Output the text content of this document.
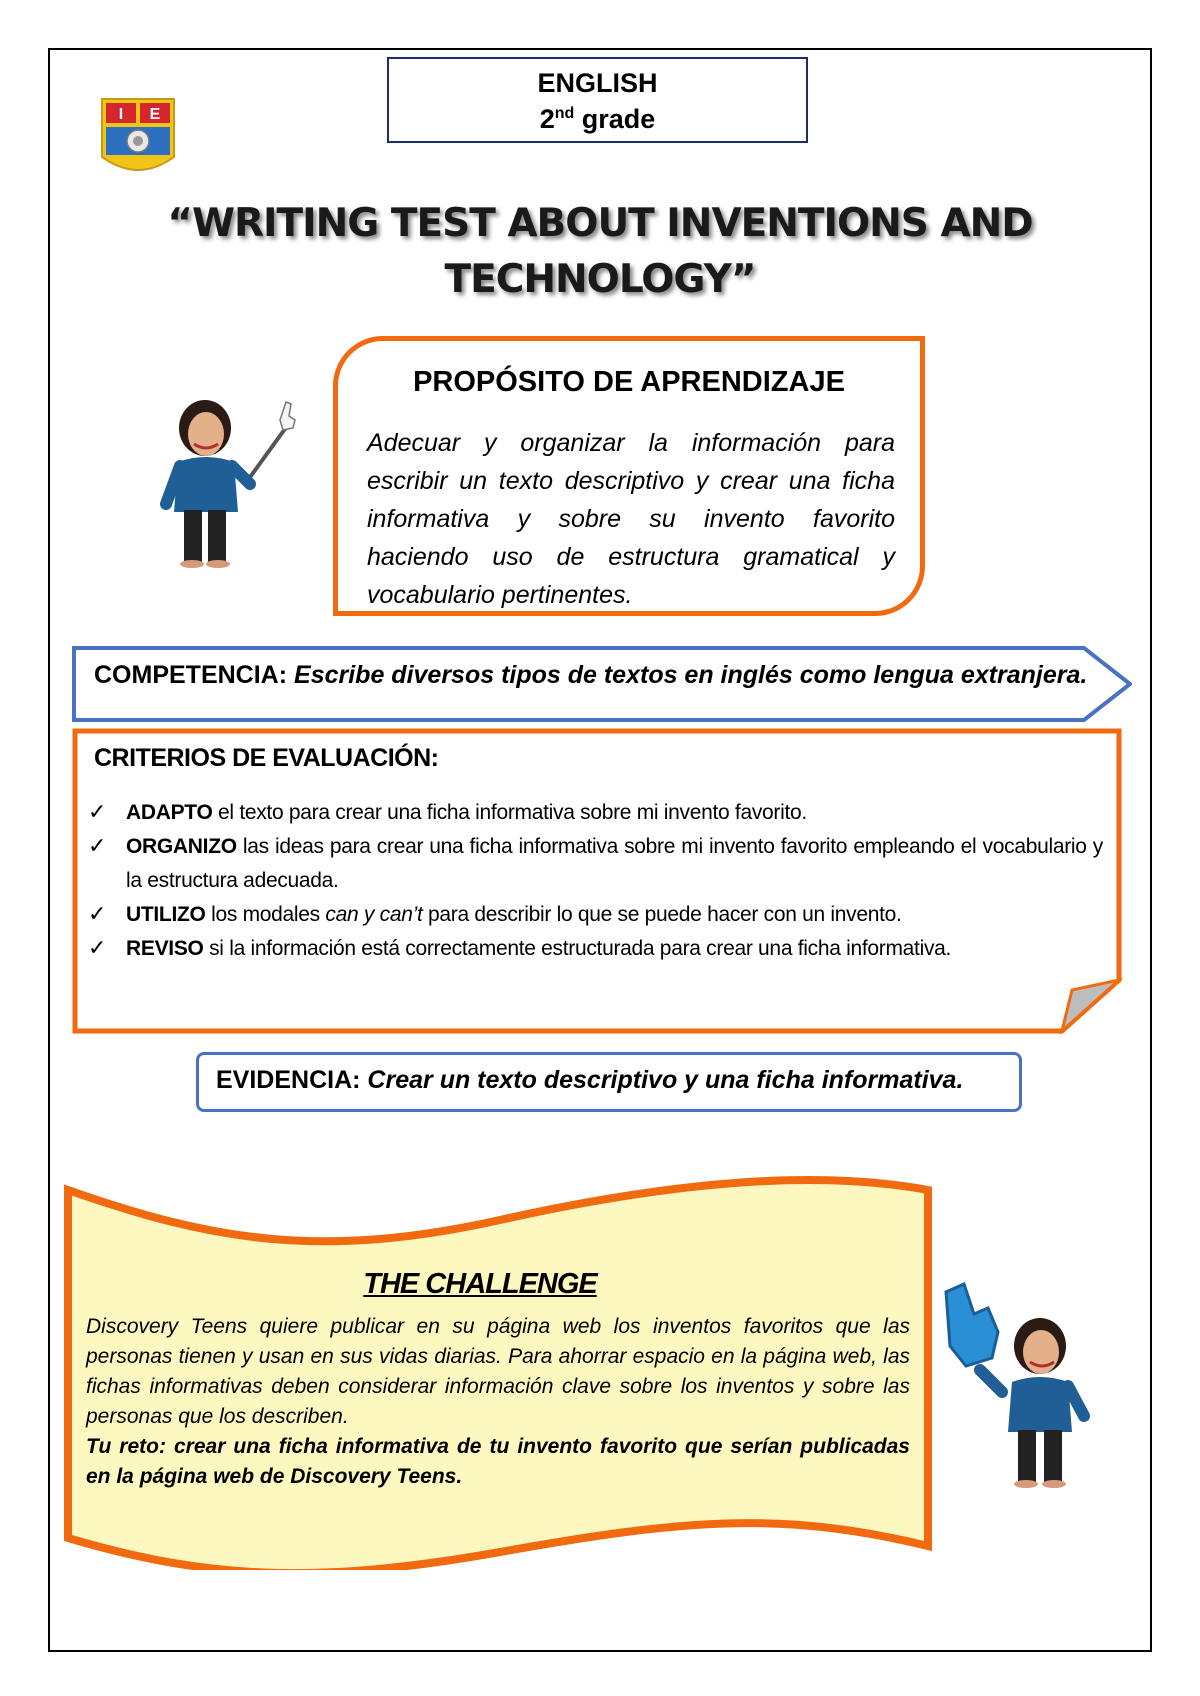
I E
ENGLISH
2nd grade
“WRITING TEST ABOUT INVENTIONS AND
TECHNOLOGY”
PROPÓSITO DE APRENDIZAJE
Adecuar y organizar la información para escribir un texto descriptivo y crear una ficha informativa y sobre su invento favorito haciendo uso de estructura gramatical y vocabulario pertinentes.
COMPETENCIA: Escribe diversos tipos de textos en inglés como lengua extranjera.
CRITERIOS DE EVALUACIÓN:
✓ ADAPTO el texto para crear una ficha informativa sobre mi invento favorito.
✓ ORGANIZO las ideas para crear una ficha informativa sobre mi invento favorito empleando el vocabulario y la estructura adecuada.
✓ UTILIZO los modales can y can’t para describir lo que se puede hacer con un invento.
✓ REVISO si la información está correctamente estructurada para crear una ficha informativa.
EVIDENCIA: Crear un texto descriptivo y una ficha informativa.
THE CHALLENGE
Discovery Teens quiere publicar en su página web los inventos favoritos que las personas tienen y usan en sus vidas diarias. Para ahorrar espacio en la página web, las fichas informativas deben considerar información clave sobre los inventos y sobre las personas que los describen.
Tu reto: crear una ficha informativa de tu invento favorito que serían publicadas en la página web de Discovery Teens.
